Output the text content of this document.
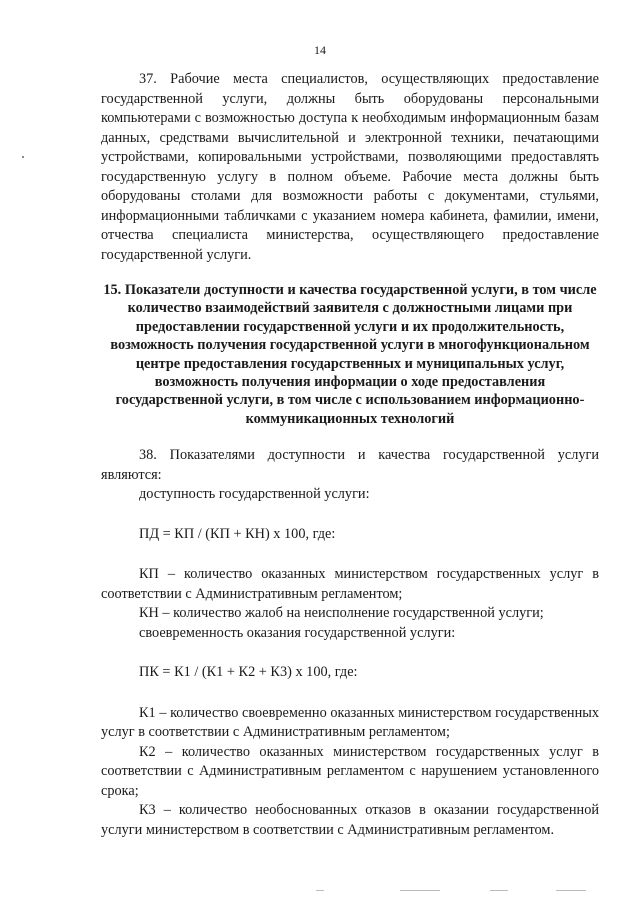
14

37. Рабочие места специалистов, осуществляющих предоставление государственной услуги, должны быть оборудованы персональными компьютерами с возможностью доступа к необходимым информационным базам данных, средствами вычислительной и электронной техники, печатающими устройствами, копировальными устройствами, позволяющими предоставлять государственную услугу в полном объеме. Рабочие места должны быть оборудованы столами для возможности работы с документами, стульями, информационными табличками с указанием номера кабинета, фамилии, имени, отчества специалиста министерства, осуществляющего предоставление государственной услуги.

15. Показатели доступности и качества государственной услуги, в том числе количество взаимодействий заявителя с должностными лицами при предоставлении государственной услуги и их продолжительность, возможность получения государственной услуги в многофункциональном центре предоставления государственных и муниципальных услуг, возможность получения информации о ходе предоставления государственной услуги, в том числе с использованием информационно-коммуникационных технологий

38. Показателями доступности и качества государственной услуги являются:

доступность государственной услуги:

ПД = КП / (КП + КН) х 100, где:

КП – количество оказанных министерством государственных услуг в соответствии с Административным регламентом;

КН – количество жалоб на неисполнение государственной услуги;

своевременность оказания государственной услуги:

ПК = К1 / (К1 + К2 + К3) х 100, где:

К1 – количество своевременно оказанных министерством государственных услуг в соответствии с Административным регламентом;

К2 – количество оказанных министерством государственных услуг в соответствии с Административным регламентом с нарушением установленного срока;

К3 – количество необоснованных отказов в оказании государственной услуги министерством в соответствии с Административным регламентом.
